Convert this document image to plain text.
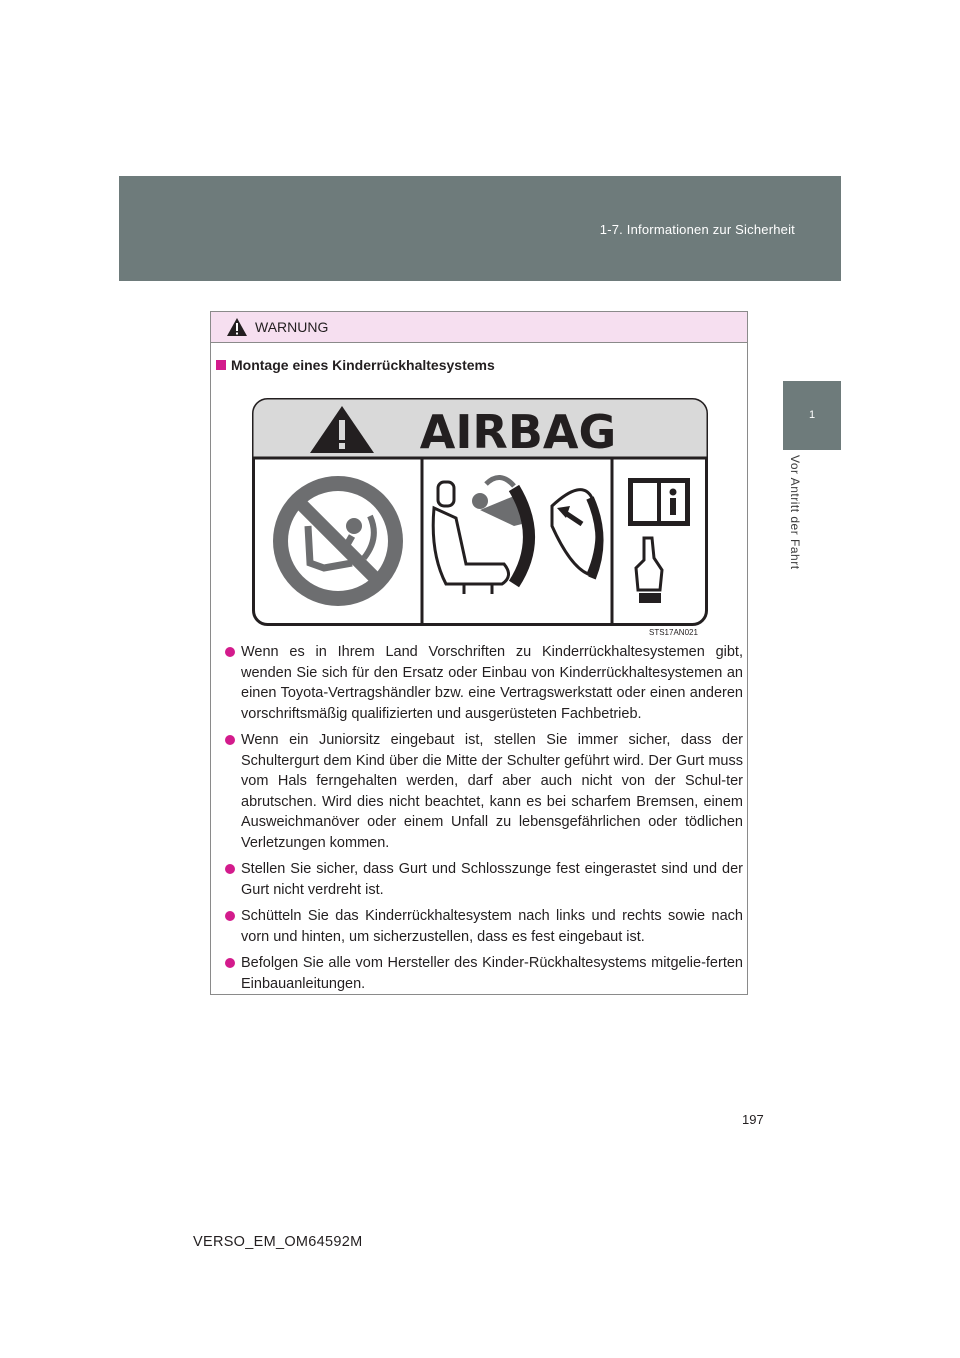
1-7. Informationen zur Sicherheit
1
Vor Antritt der Fahrt
WARNUNG
Montage eines Kinderrückhaltesystems
AIRBAG
STS17AN021
Wenn es in Ihrem Land Vorschriften zu Kinderrückhaltesystemen gibt, wenden Sie sich für den Ersatz oder Einbau von Kinderrückhaltesystemen an einen Toyota-Vertragshändler bzw. eine Vertragswerkstatt oder einen anderen vorschriftsmäßig qualifizierten und ausgerüsteten Fachbetrieb.
Wenn ein Juniorsitz eingebaut ist, stellen Sie immer sicher, dass der Schultergurt dem Kind über die Mitte der Schulter geführt wird. Der Gurt muss vom Hals ferngehalten werden, darf aber auch nicht von der Schul-ter abrutschen. Wird dies nicht beachtet, kann es bei scharfem Bremsen, einem Ausweichmanöver oder einem Unfall zu lebensgefährlichen oder tödlichen Verletzungen kommen.
Stellen Sie sicher, dass Gurt und Schlosszunge fest eingerastet sind und der Gurt nicht verdreht ist.
Schütteln Sie das Kinderrückhaltesystem nach links und rechts sowie nach vorn und hinten, um sicherzustellen, dass es fest eingebaut ist.
Befolgen Sie alle vom Hersteller des Kinder-Rückhaltesystems mitgelie-ferten Einbauanleitungen.
197
VERSO_EM_OM64592M
